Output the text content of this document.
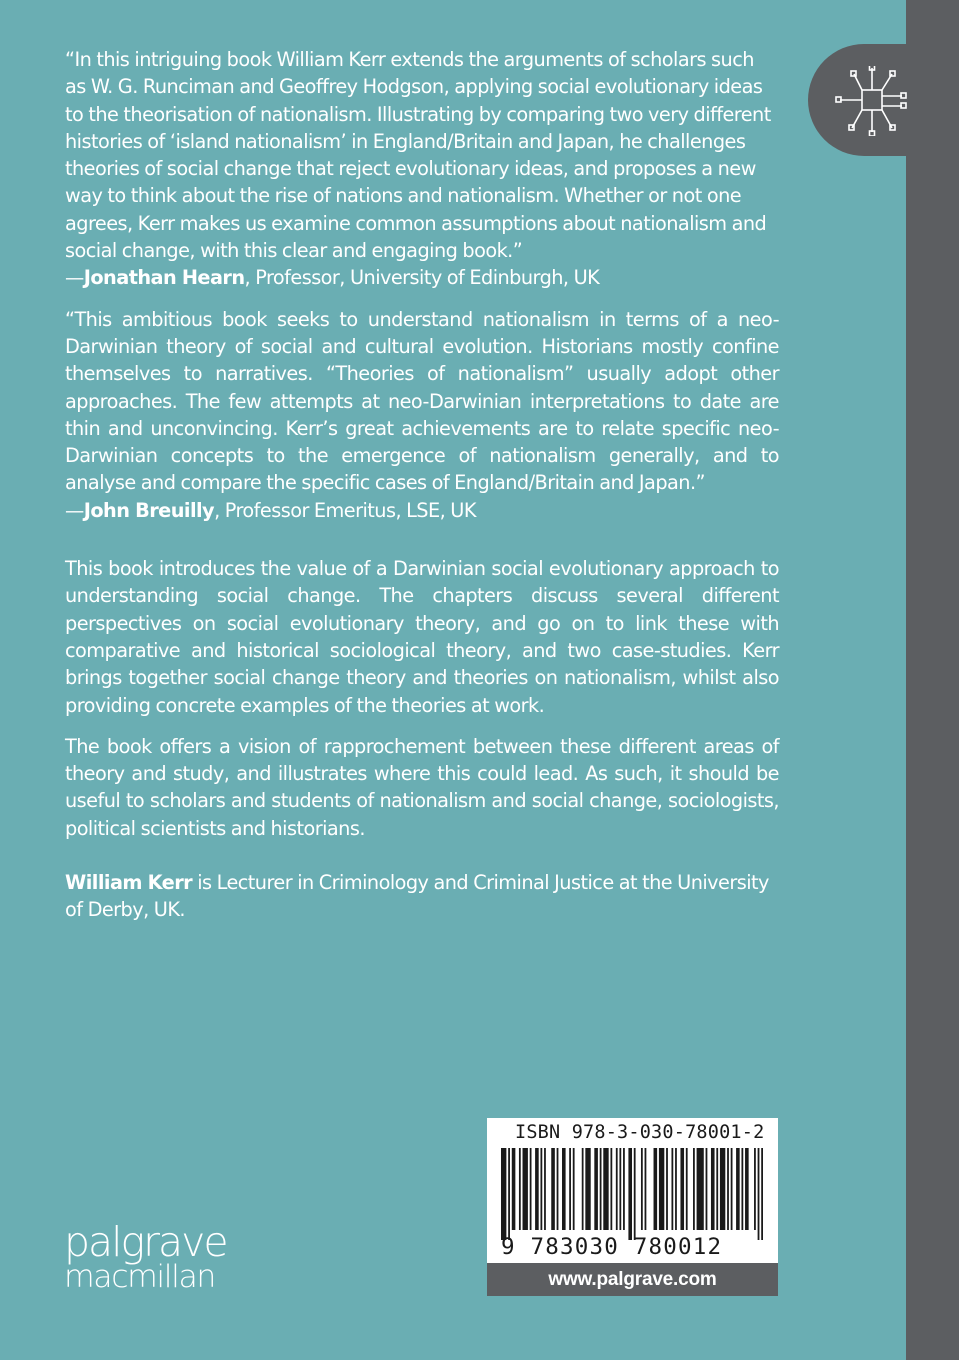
“In this intriguing book William Kerr extends the arguments of scholars such as W. G. Runciman and Geoffrey Hodgson, applying social evolutionary ideas to the theorisation of nationalism. Illustrating by comparing two very different histories of ‘island nationalism’ in England/Britain and Japan, he challenges theories of social change that reject evolutionary ideas, and proposes a new way to think about the rise of nations and nationalism. Whether or not one agrees, Kerr makes us examine common assumptions about nationalism and social change, with this clear and engaging book.”
—Jonathan Hearn, Professor, University of Edinburgh, UK

“This ambitious book seeks to understand nationalism in terms of a neo-Darwinian theory of social and cultural evolution. Historians mostly confine themselves to narratives. “Theories of nationalism” usually adopt other approaches. The few attempts at neo-Darwinian interpretations to date are thin and unconvincing. Kerr’s great achievements are to relate specific neo-Darwinian concepts to the emergence of nationalism generally, and to analyse and compare the specific cases of England/Britain and Japan.”
—John Breuilly, Professor Emeritus, LSE, UK

This book introduces the value of a Darwinian social evolutionary approach to understanding social change. The chapters discuss several different perspectives on social evolutionary theory, and go on to link these with comparative and historical sociological theory, and two case-studies. Kerr brings together social change theory and theories on nationalism, whilst also providing concrete examples of the theories at work.

The book offers a vision of rapprochement between these different areas of theory and study, and illustrates where this could lead. As such, it should be useful to scholars and students of nationalism and social change, sociologists, political scientists and historians.

William Kerr is Lecturer in Criminology and Criminal Justice at the University of Derby, UK.

ISBN 978-3-030-78001-2
9 783030 780012
www.palgrave.com
palgrave
macmillan
